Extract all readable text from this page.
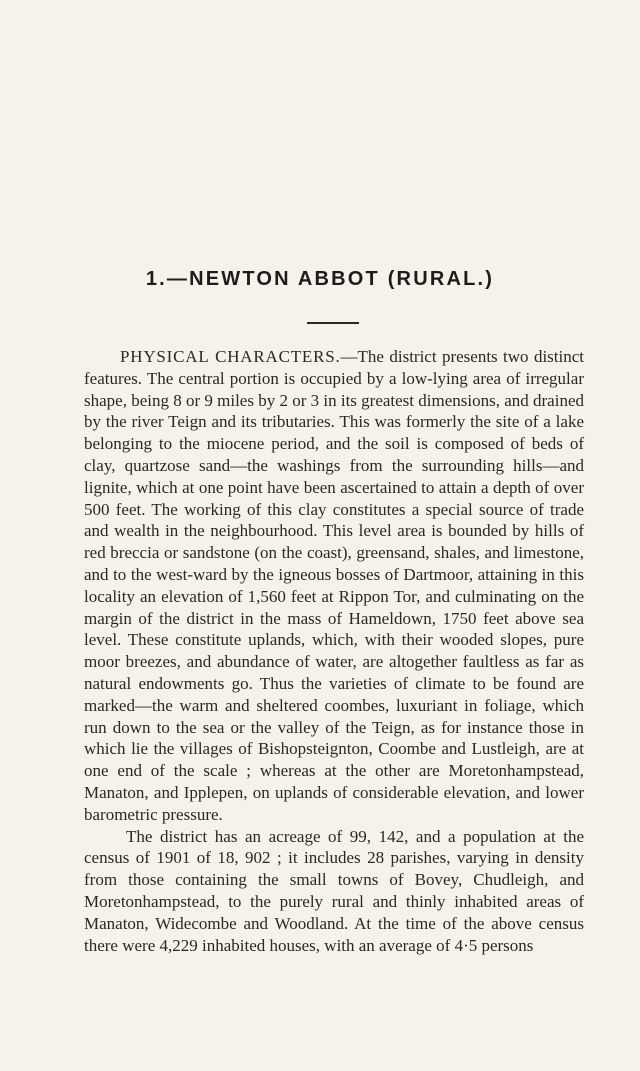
1.—NEWTON ABBOT (RURAL.)

PHYSICAL CHARACTERS.—The district presents two distinct features. The central portion is occupied by a low-lying area of irregular shape, being 8 or 9 miles by 2 or 3 in its greatest dimensions, and drained by the river Teign and its tributaries. This was formerly the site of a lake belonging to the miocene period, and the soil is composed of beds of clay, quartzose sand—the washings from the surrounding hills—and lignite, which at one point have been ascertained to attain a depth of over 500 feet. The working of this clay constitutes a special source of trade and wealth in the neighbourhood. This level area is bounded by hills of red breccia or sandstone (on the coast), greensand, shales, and limestone, and to the west-ward by the igneous bosses of Dartmoor, attaining in this locality an elevation of 1,560 feet at Rippon Tor, and culminating on the margin of the district in the mass of Hameldown, 1750 feet above sea level. These constitute uplands, which, with their wooded slopes, pure moor breezes, and abundance of water, are altogether faultless as far as natural endowments go. Thus the varieties of climate to be found are marked—the warm and sheltered coombes, luxuriant in foliage, which run down to the sea or the valley of the Teign, as for instance those in which lie the villages of Bishopsteignton, Coombe and Lustleigh, are at one end of the scale ; whereas at the other are Moretonhampstead, Manaton, and Ipplepen, on uplands of considerable elevation, and lower barometric pressure.

The district has an acreage of 99, 142, and a population at the census of 1901 of 18, 902 ; it includes 28 parishes, varying in density from those containing the small towns of Bovey, Chudleigh, and Moretonhampstead, to the purely rural and thinly inhabited areas of Manaton, Widecombe and Woodland. At the time of the above census there were 4,229 inhabited houses, with an average of 4·5 persons
